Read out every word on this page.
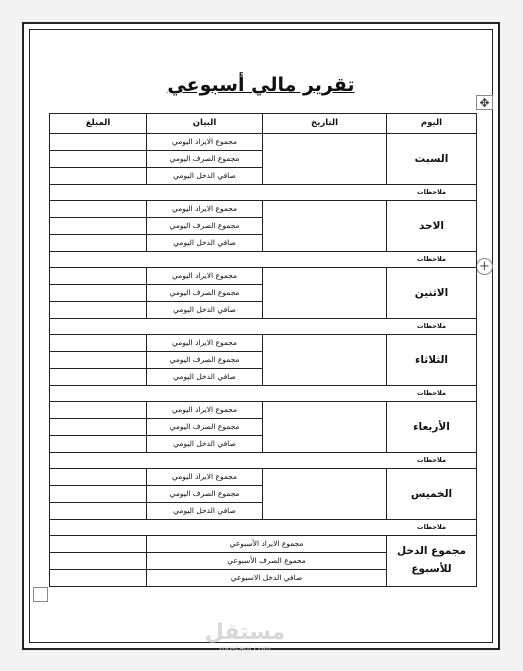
تقرير مالي أسبوعي
✥
+
اليوم	التاريخ	البيان	المبلغ
السبت		مجموع الايراد اليومي	
		مجموع الصرف اليومي	
		صافي الدخل اليومي	
ملاحظات			
الاحد		مجموع الايراد اليومي	
		مجموع الصرف اليومي	
		صافي الدخل اليومي	
ملاحظات			
الاثنين		مجموع الايراد اليومي	
		مجموع الصرف اليومي	
		صافي الدخل اليومي	
ملاحظات			
الثلاثاء		مجموع الايراد اليومي	
		مجموع الصرف اليومي	
		صافي الدخل اليومي	
ملاحظات			
الأربعاء		مجموع الايراد اليومي	
		مجموع الصرف اليومي	
		صافي الدخل اليومي	
ملاحظات			
الخميس		مجموع الايراد اليومي	
		مجموع الصرف اليومي	
		صافي الدخل اليومي	
ملاحظات			

مجموع الدخل
للأسبوع	مجموع الايراد الأسبوعي		
	مجموع الصرف الأسبوعي		
	صافي الدخل الاسبوعي		
مستقل
mostaql.com
